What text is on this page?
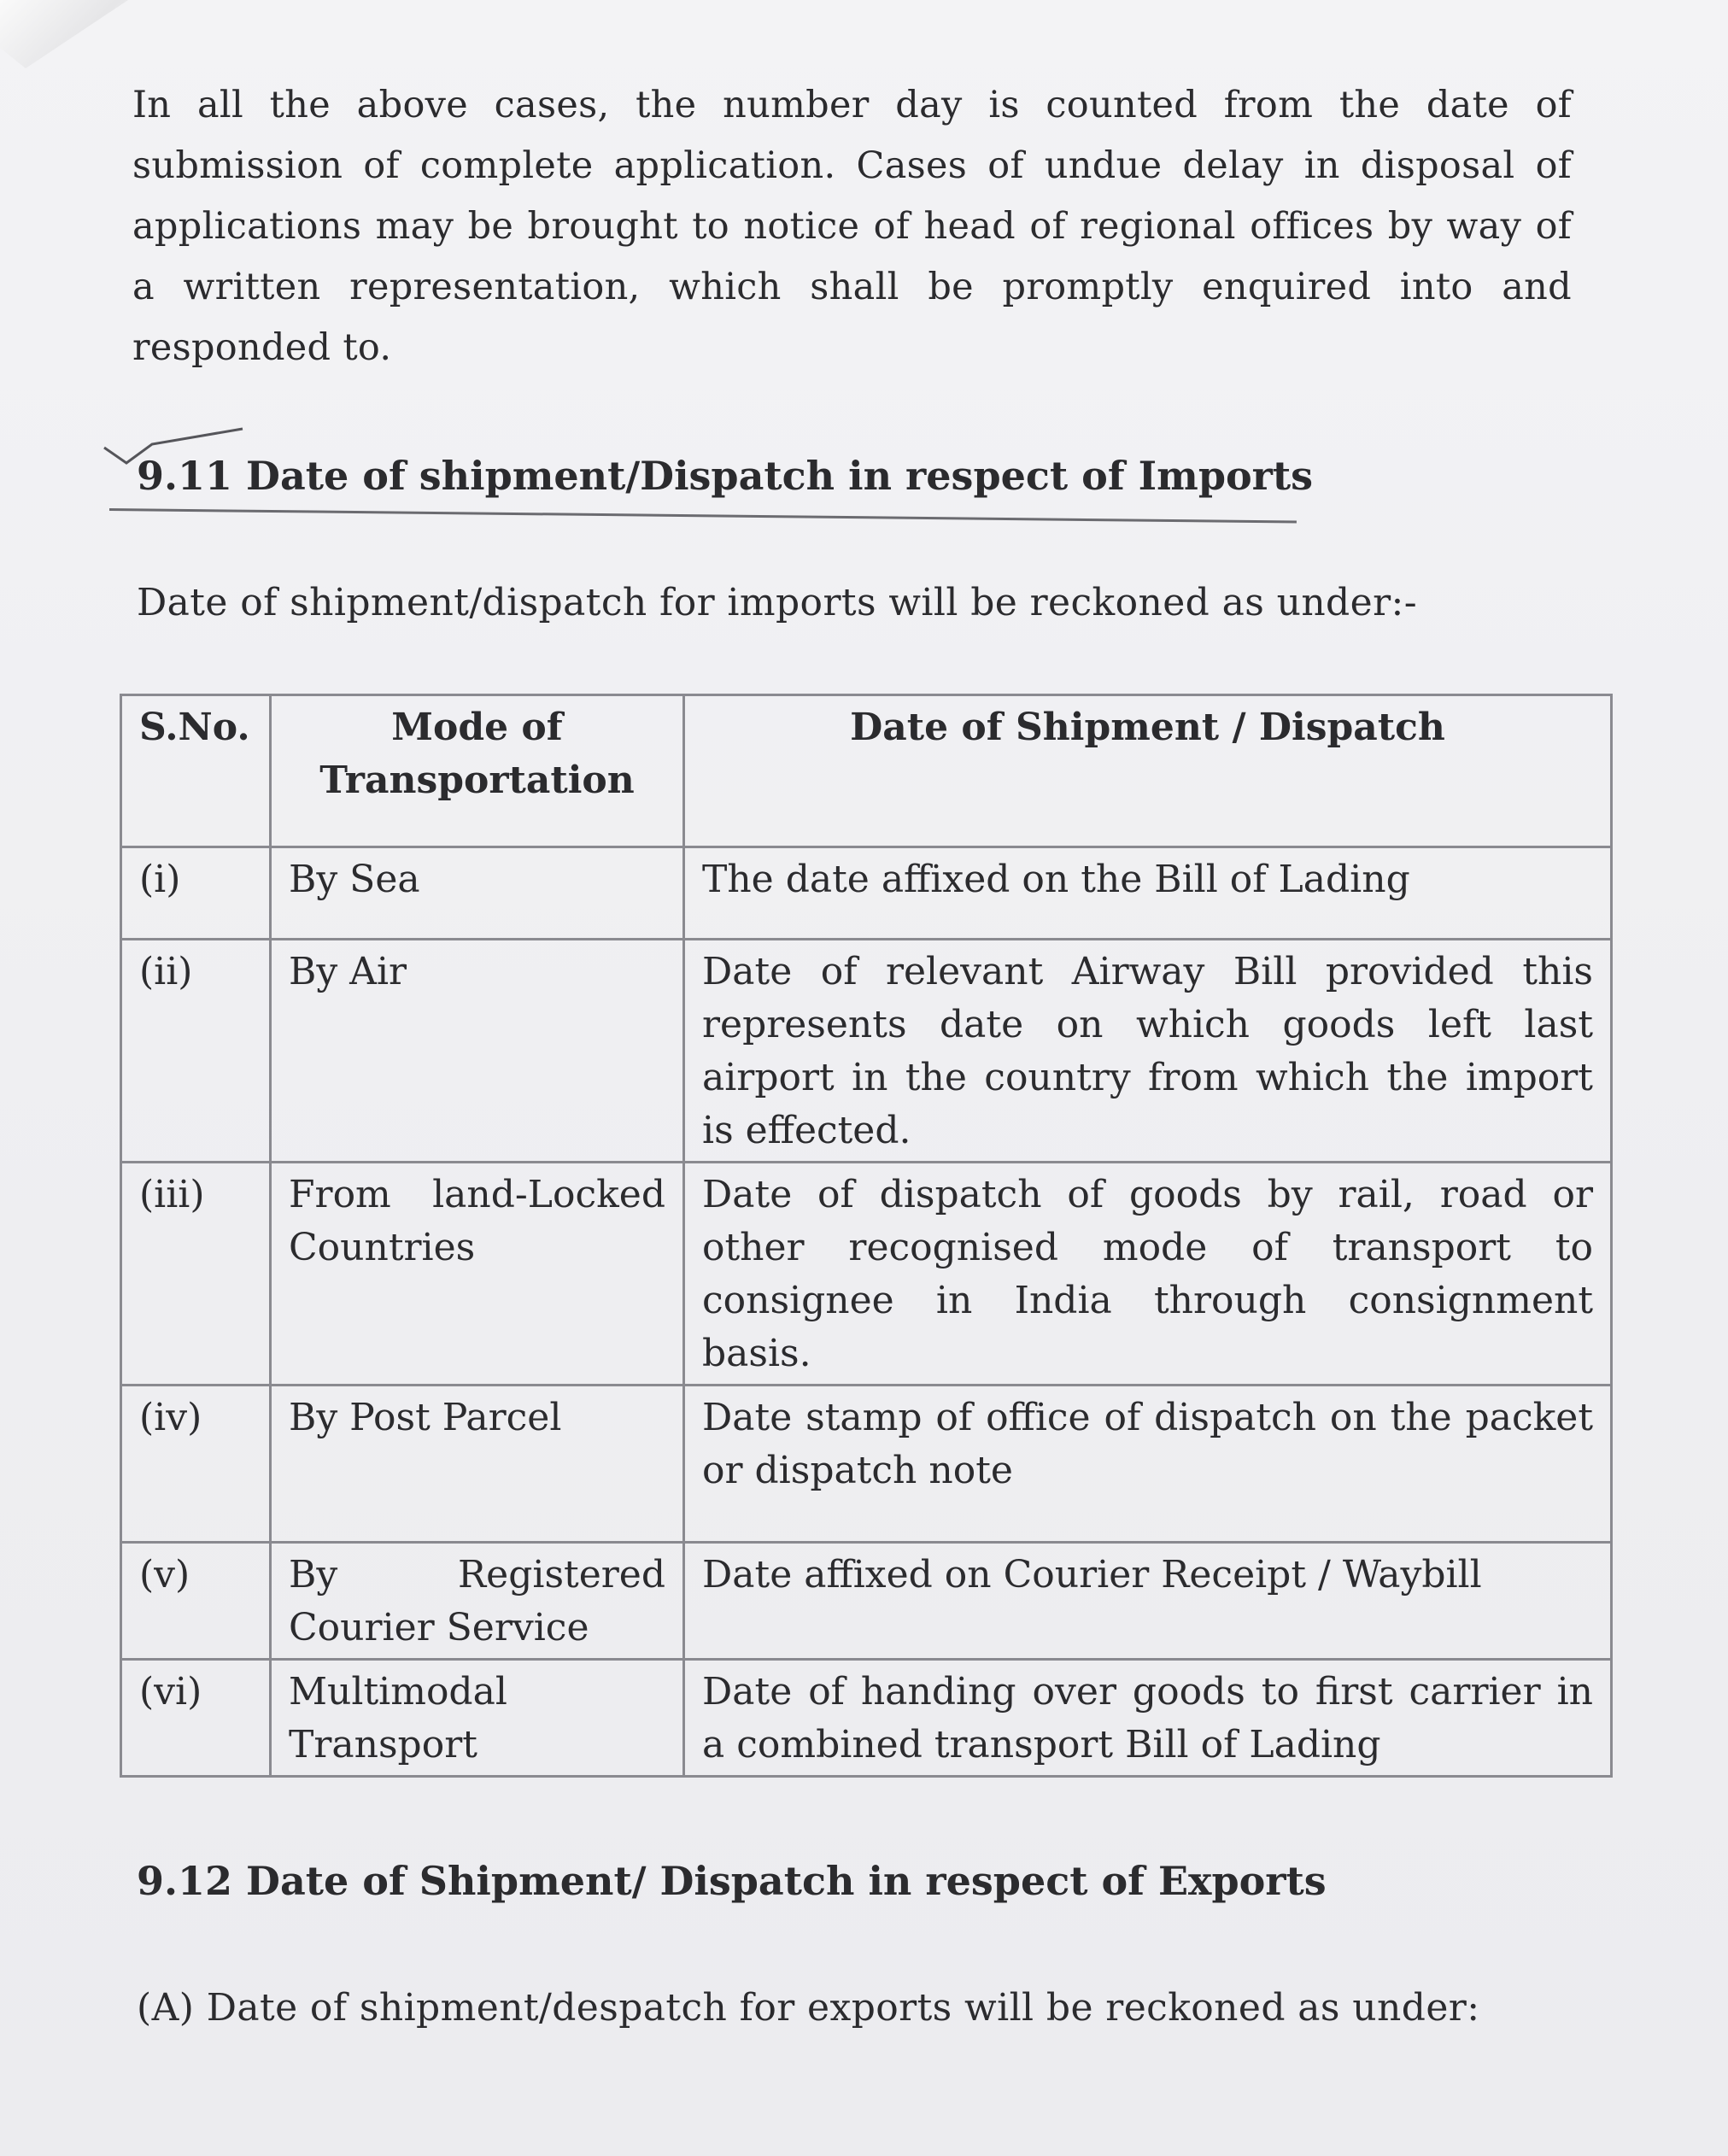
In all the above cases, the number day is counted from the date of submission of complete application. Cases of undue delay in disposal of applications may be brought to notice of head of regional offices by way of a written representation, which shall be promptly enquired into and responded to.

9.11 Date of shipment/Dispatch in respect of Imports

Date of shipment/dispatch for imports will be reckoned as under:-

S.No.	Mode of Transportation	Date of Shipment / Dispatch
(i)	By Sea	The date affixed on the Bill of Lading
(ii)	By Air	Date of relevant Airway Bill provided this represents date on which goods left last airport in the country from which the import is effected.
(iii)	From land-Locked Countries	Date of dispatch of goods by rail, road or other recognised mode of transport to consignee in India through consignment basis.
(iv)	By Post Parcel	Date stamp of office of dispatch on the packet or dispatch note
(v)	By Registered Courier Service	Date affixed on Courier Receipt / Waybill
(vi)	Multimodal Transport	Date of handing over goods to first carrier in a combined transport Bill of Lading
9.12 Date of Shipment/ Dispatch in respect of Exports

(A) Date of shipment/despatch for exports will be reckoned as under:
